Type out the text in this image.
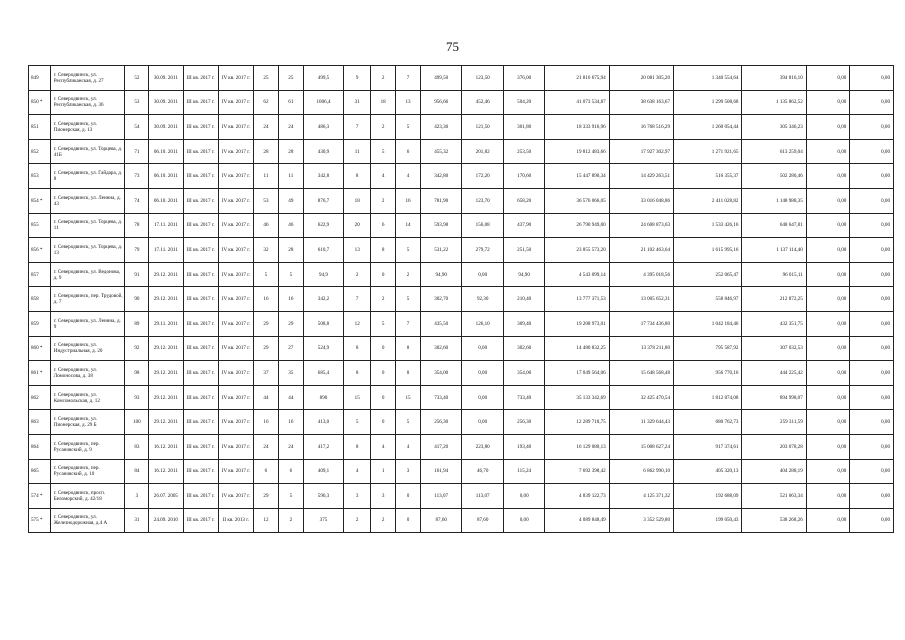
75
849	г. Северодвинск, ул. Республиканская, д. 27	52	30.09. 2011	III кв. 2017 г.	IV кв. 2017 г.	25	25	499,5	9	2	7	499,50	123,50	376,00	21 816 675,94	20 081 305,20	1 340 554,64	394 816,10	0,00	0,00
850 *	г. Северодвинск, ул. Республиканская, д. 36	53	30.09. 2011	III кв. 2017 г.	IV кв. 2017 г.	62	61	1006,4	31	18	13	956,66	452,46	504,20	41 073 534,87	38 638 163,67	1 299 508,68	1 135 862,52	0,00	0,00
851	г. Северодвинск, ул. Пионерская, д. 13	54	30.09. 2011	III кв. 2017 г.	IV кв. 2017 г.	24	24	486,3	7	2	5	423,30	121,50	301,80	18 333 916,96	16 768 516,29	1 260 054,44	305 346,23	0,00	0,00
852	г. Северодвинск, ул. Торцева, д. 41Б	71	06.10. 2011	III кв. 2017 г.	IV кв. 2017 г.	28	28	430,9	11	5	6	455,32	201,82	253,50	19 812 483,66	17 927 302,97	1 271 921,65	613 259,04	0,00	0,00
853	г. Северодвинск, ул. Гайдара, д. 8	73	06.10. 2011	III кв. 2017 г.	IV кв. 2017 г.	11	11	342,8	8	4	4	342,80	172,20	170,60	15 447 890,34	14 429 263,51	516 355,37	502 280,46	0,00	0,00
854 *	г. Северодвинск, ул. Ленина, д. 43	74	06.10. 2011	III кв. 2017 г.	IV кв. 2017 г.	53	49	876,7	18	2	16	781,90	123,70	658,20	36 576 066,05	33 016 048,86	2 411 028,82	1 148 988,35	0,00	0,00
855	г. Северодвинск, ул. Торцева, д. 11	78	17.11. 2011	III кв. 2017 г.	IV кв. 2017 г.	46	46	622,9	20	6	14	593,98	156,08	437,90	26 790 949,00	24 608 873,63	1 533 426,16	648 647,81	0,00	0,00
856 *	г. Северодвинск, ул. Торцева, д. 13	79	17.11. 2011	III кв. 2017 г.	IV кв. 2017 г.	32	28	610,7	13	8	5	531,22	279,72	251,50	23 855 573,20	21 102 463,64	1 615 995,16	1 137 114,40	0,00	0,00
857	г. Северодвинск, ул. Ведонова, д. 9	91	29.12. 2011	III кв. 2017 г.	IV кв. 2017 г.	5	5	94,9	2	0	2	94,90	0,00	94,90	4 543 099,14	4 395 018,56	252 065,47	96 015,11	0,00	0,00
858	г. Северодвинск, пер. Трудовой, д. 7	90	29.12. 2011	III кв. 2017 г.	IV кв. 2017 г.	16	16	342,2	7	2	5	302,70	92,30	210,40	13 777 371,53	13 005 652,31	558 846,97	212 872,25	0,00	0,00
859	г. Северодвинск, ул. Ленина, д. 9	89	29.11. 2011	III кв. 2017 г.	IV кв. 2017 г.	29	29	508,8	12	5	7	435,50	126,10	309,40	19 208 973,01	17 734 436,80	1 042 184,46	432 351,75	0,00	0,00
860 *	г. Северодвинск, ул. Индустриальная, д. 20	92	29.12. 2011	III кв. 2017 г.	IV кв. 2017 г.	29	27	524,9	8	0	8	302,60	0,00	302,60	14 480 832,25	13 378 211,80	795 587,92	307 032,53	0,00	0,00
861 *	г. Северодвинск, ул. Ломоносова, д. 38	98	29.12. 2011	III кв. 2017 г.	IV кв. 2017 г.	37	35	685,4	8	0	8	354,00	0,00	354,00	17 049 564,06	15 648 568,48	956 770,16	444 225,42	0,00	0,00
862	г. Северодвинск, ул. Комсомольская, д. 12	93	29.12. 2011	III кв. 2017 г.	IV кв. 2017 г.	44	44	890	15	0	15	733,40	0,00	733,40	35 133 342,69	32 425 470,54	1 812 874,08	894 998,07	0,00	0,00
863	г. Северодвинск, ул. Пионерская, д. 29 Б	100	29.12. 2011	III кв. 2017 г.	IV кв. 2017 г.	16	16	413,0	5	0	5	256,30	0,00	256,30	12 289 718,75	11 329 644,43	680 762,73	259 311,59	0,00	0,00
864	г. Северодвинск, пер. Русановский, д. 9	83	16.12. 2011	III кв. 2017 г.	IV кв. 2017 г.	24	24	417,2	8	4	4	417,20	223,80	193,40	16 129 080,13	15 008 627,24	917 374,61	203 078,28	0,00	0,00
865	г. Северодвинск, пер. Русановский, д. 10	84	16.12. 2011	III кв. 2017 г.	IV кв. 2017 г.	6	6	409,1	4	1	3	161,94	46,70	115,24	7 692 398,42	6 862 990,10	405 320,13	404 288,19	0,00	0,00
574 *	г. Северодвинск, просп. Беломорский, д. 42/18	3	26.07. 2005	III кв. 2017 г.	IV кв. 2017 г.	29	5	590,3	3	3	0	113,07	113,07	0,00	4 839 122,73	4 125 371,32	192 688,09	521 063,34	0,00	0,00
575 *	г. Северодвинск, ул. Железнодорожная, д.4 А	31	24.09. 2010	III кв. 2017 г.	II кв. 2013 г.	12	2	375	2	2	0	87,60	87,60	0,00	4 089 848,49	3 352 529,80	199 050,43	538 268,26	0,00	0,00
